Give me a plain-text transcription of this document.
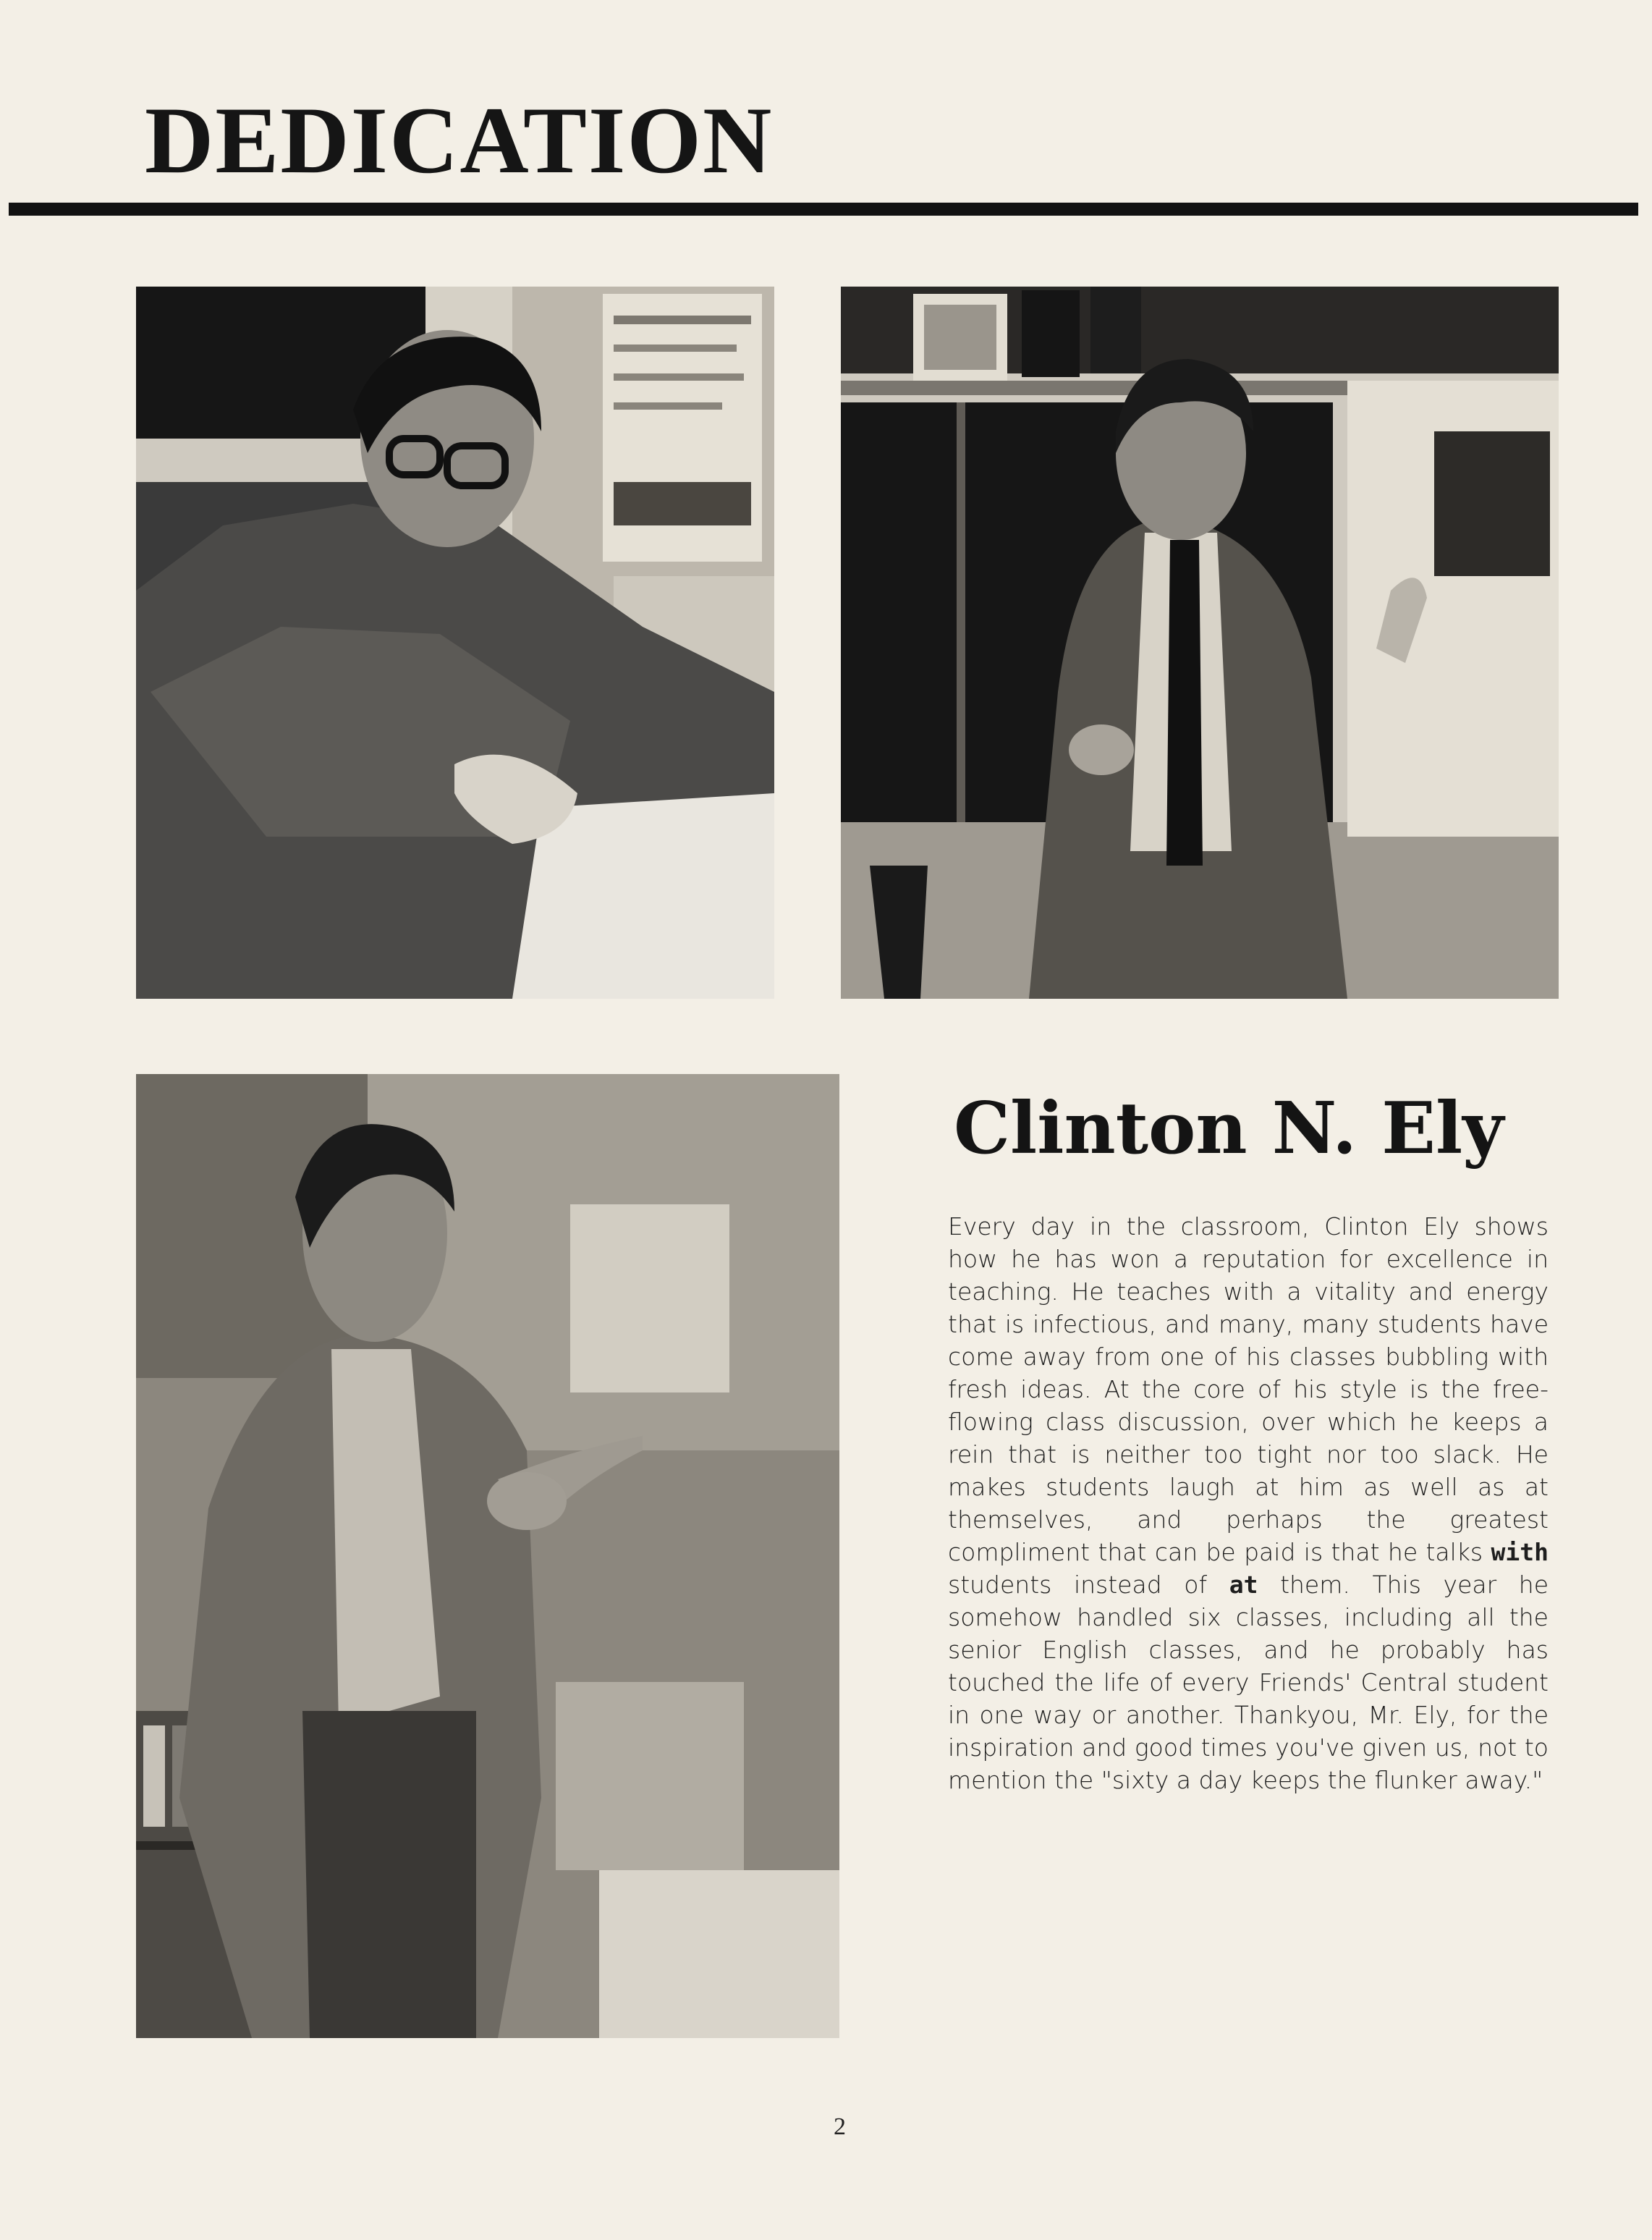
DEDICATION
Clinton N. Ely

Every day in the classroom, Clinton Ely shows how he has won a reputation for excellence in teaching. He teaches with a vitality and energy that is infectious, and many, many students have come away from one of his classes bubbling with fresh ideas. At the core of his style is the free-flowing class discussion, over which he keeps a rein that is neither too tight nor too slack. He makes students laugh at him as well as at themselves, and perhaps the greatest compliment that can be paid is that he talks with students instead of at them. This year he somehow handled six classes, including all the senior English classes, and he probably has touched the life of every Friends' Central student in one way or another. Thankyou, Mr. Ely, for the inspiration and good times you've given us, not to mention the "sixty a day keeps the flunker away."

2
